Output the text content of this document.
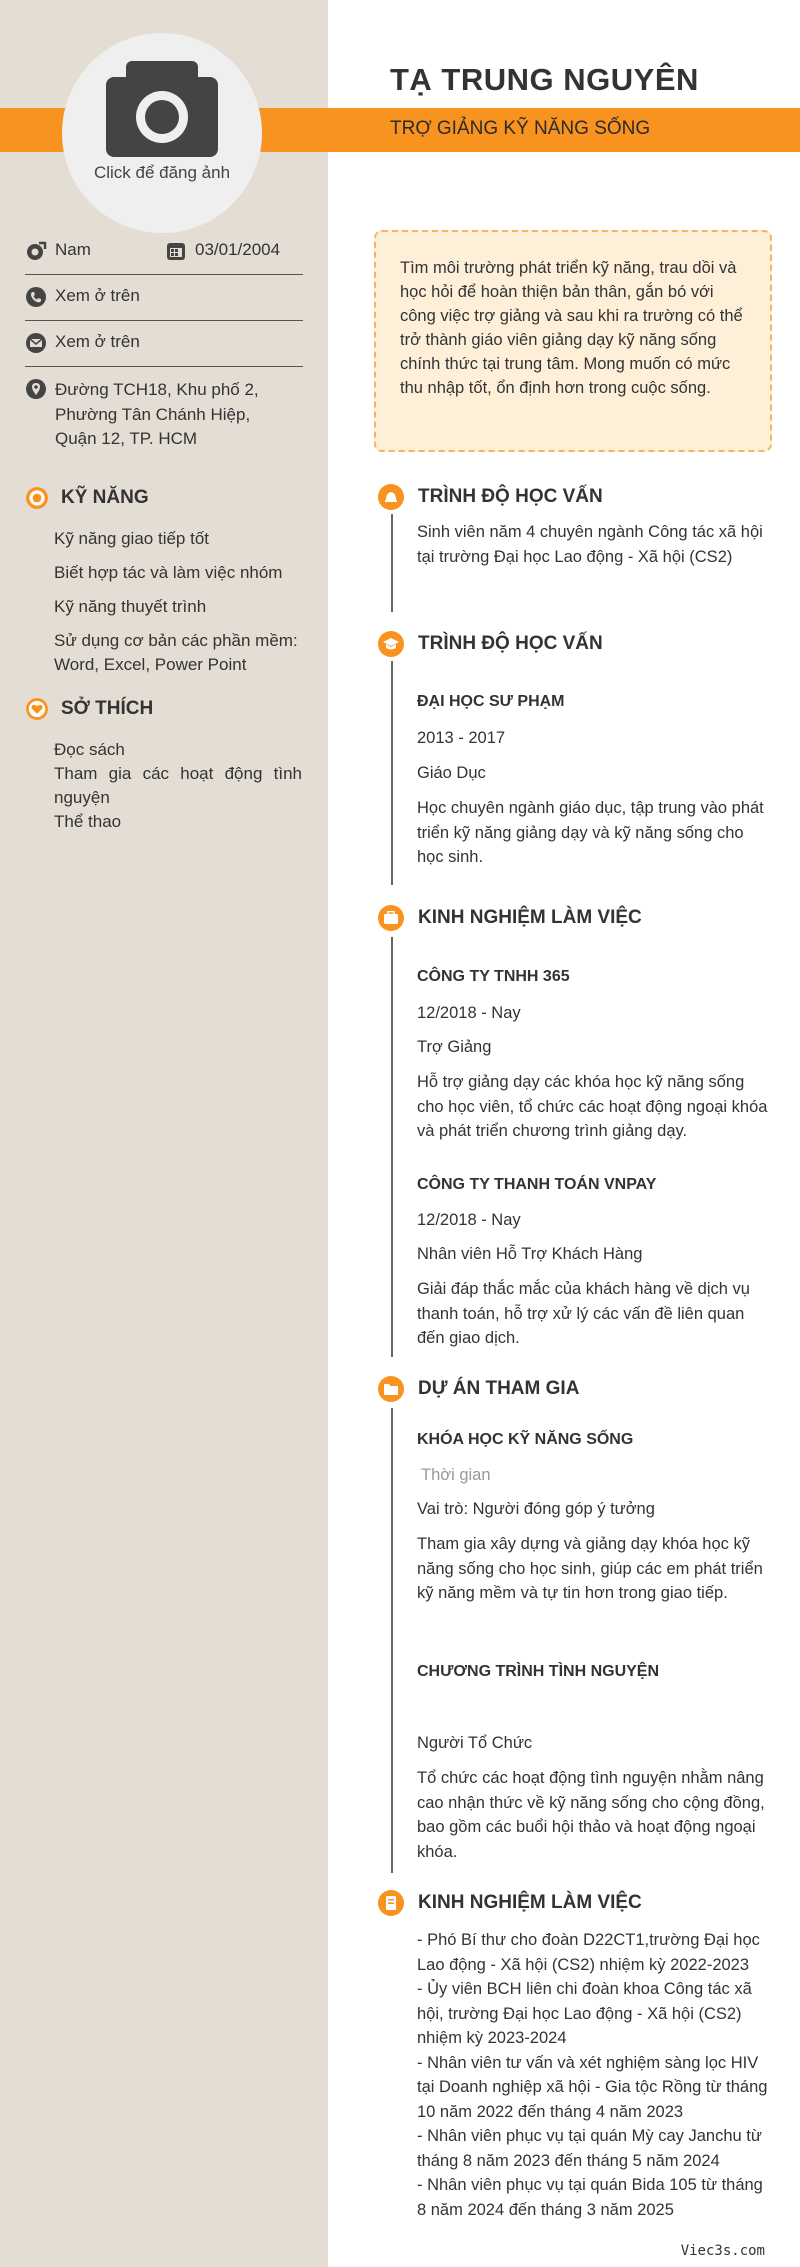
Click để đăng ảnh
TẠ TRUNG NGUYÊN
TRỢ GIẢNG KỸ NĂNG SỐNG
Nam	03/01/2004
Xem ở trên
Xem ở trên
Đường TCH18, Khu phố 2, Phường Tân Chánh Hiệp, Quận 12, TP. HCM
KỸ NĂNG
Kỹ năng giao tiếp tốt
Biết hợp tác và làm việc nhóm
Kỹ năng thuyết trình
Sử dụng cơ bản các phần mềm: Word, Excel, Power Point
SỞ THÍCH
Đọc sách
Tham gia các hoạt động tình nguyện
Thể thao
Tìm môi trường phát triển kỹ năng, trau dồi và học hỏi để hoàn thiện bản thân, gắn bó với công việc trợ giảng và sau khi ra trường có thể trở thành giáo viên giảng dạy kỹ năng sống chính thức tại trung tâm. Mong muốn có mức thu nhập tốt, ổn định hơn trong cuộc sống.
TRÌNH ĐỘ HỌC VẤN
Sinh viên năm 4 chuyên ngành Công tác xã hội tại trường Đại học Lao động - Xã hội (CS2)
TRÌNH ĐỘ HỌC VẤN
ĐẠI HỌC SƯ PHẠM
2013 - 2017
Giáo Dục
Học chuyên ngành giáo dục, tập trung vào phát triển kỹ năng giảng dạy và kỹ năng sống cho học sinh.
KINH NGHIỆM LÀM VIỆC
CÔNG TY TNHH 365
12/2018 - Nay
Trợ Giảng
Hỗ trợ giảng dạy các khóa học kỹ năng sống cho học viên, tổ chức các hoạt động ngoại khóa và phát triển chương trình giảng dạy.
CÔNG TY THANH TOÁN VNPAY
12/2018 - Nay
Nhân viên Hỗ Trợ Khách Hàng
Giải đáp thắc mắc của khách hàng về dịch vụ thanh toán, hỗ trợ xử lý các vấn đề liên quan đến giao dịch.
DỰ ÁN THAM GIA
KHÓA HỌC KỸ NĂNG SỐNG
Thời gian
Vai trò: Người đóng góp ý tưởng
Tham gia xây dựng và giảng dạy khóa học kỹ năng sống cho học sinh, giúp các em phát triển kỹ năng mềm và tự tin hơn trong giao tiếp.
CHƯƠNG TRÌNH TÌNH NGUYỆN
Người Tổ Chức
Tổ chức các hoạt động tình nguyện nhằm nâng cao nhận thức về kỹ năng sống cho cộng đồng, bao gồm các buổi hội thảo và hoạt động ngoại khóa.
KINH NGHIỆM LÀM VIỆC
- Phó Bí thư cho đoàn D22CT1,trường Đại học Lao động - Xã hội (CS2) nhiệm kỳ 2022-2023
- Ủy viên BCH liên chi đoàn khoa Công tác xã hội, trường Đại học Lao động - Xã hội (CS2) nhiệm kỳ 2023-2024
- Nhân viên tư vấn và xét nghiệm sàng lọc HIV tại Doanh nghiệp xã hội - Gia tộc Rồng từ tháng 10 năm 2022 đến tháng 4 năm 2023
- Nhân viên phục vụ tại quán Mỳ cay Janchu từ tháng 8 năm 2023 đến tháng 5 năm 2024
- Nhân viên phục vụ tại quán Bida 105 từ tháng 8 năm 2024 đến tháng 3 năm 2025
Viec3s.com
